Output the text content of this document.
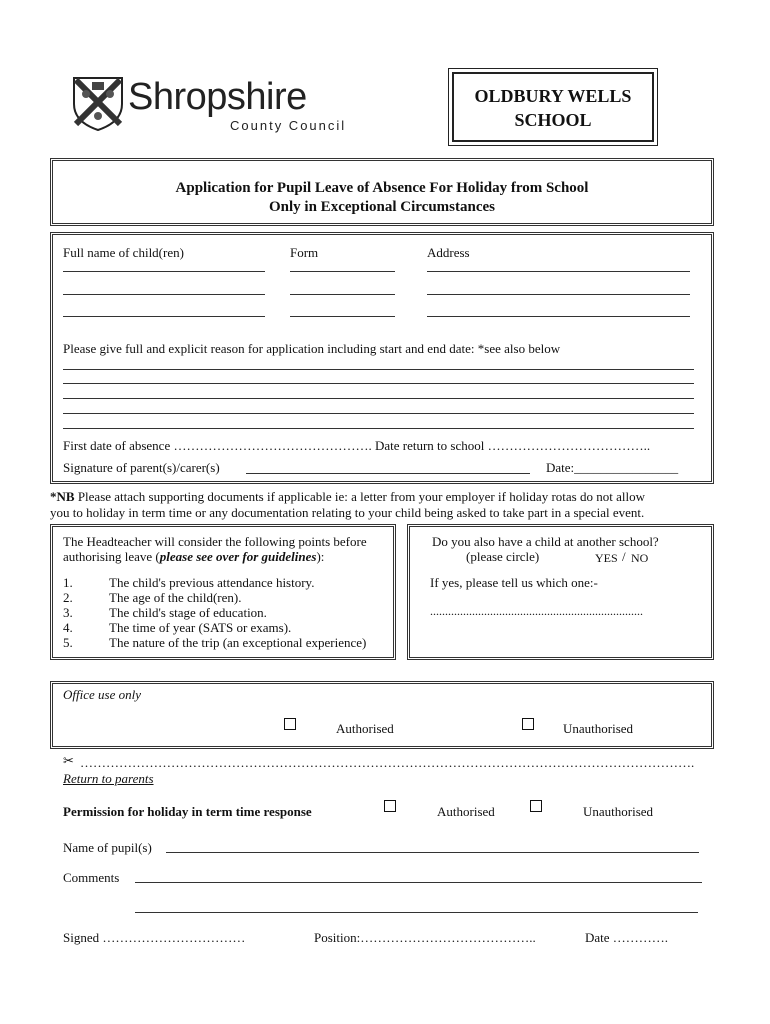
Shropshire
County Council
OLDBURY WELLS
SCHOOL
Application for Pupil Leave of Absence For Holiday from School
Only in Exceptional Circumstances
Full name of child(ren)	Form	Address
Please give full and explicit reason for application including start and end date: *see also below
First date of absence ………………………………………. Date return to school ………………………………..
Signature of parent(s)/carer(s)	Date:________________
*NB Please attach supporting documents if applicable ie: a letter from your employer if holiday rotas do not allow
you to holiday in term time or any documentation relating to your child being asked to take part in a special event.
The Headteacher will consider the following points before
authorising leave (please see over for guidelines):
1.	The child's previous attendance history.
2.	The age of the child(ren).
3.	The child's stage of education.
4.	The time of year (SATS or exams).
5.	The nature of the trip (an exceptional experience)
Do you also have a child at another school?
(please circle)	YES / NO
If yes, please tell us which one:-
.......................................................................
Office use only
Authorised	Unauthorised
✂ …………………………………………………………………………………………………………………………….
Return to parents
Permission for holiday in term time response	Authorised	Unauthorised
Name of pupil(s)
Comments
Signed ……………………………	Position:…………………………………..	Date ………….
